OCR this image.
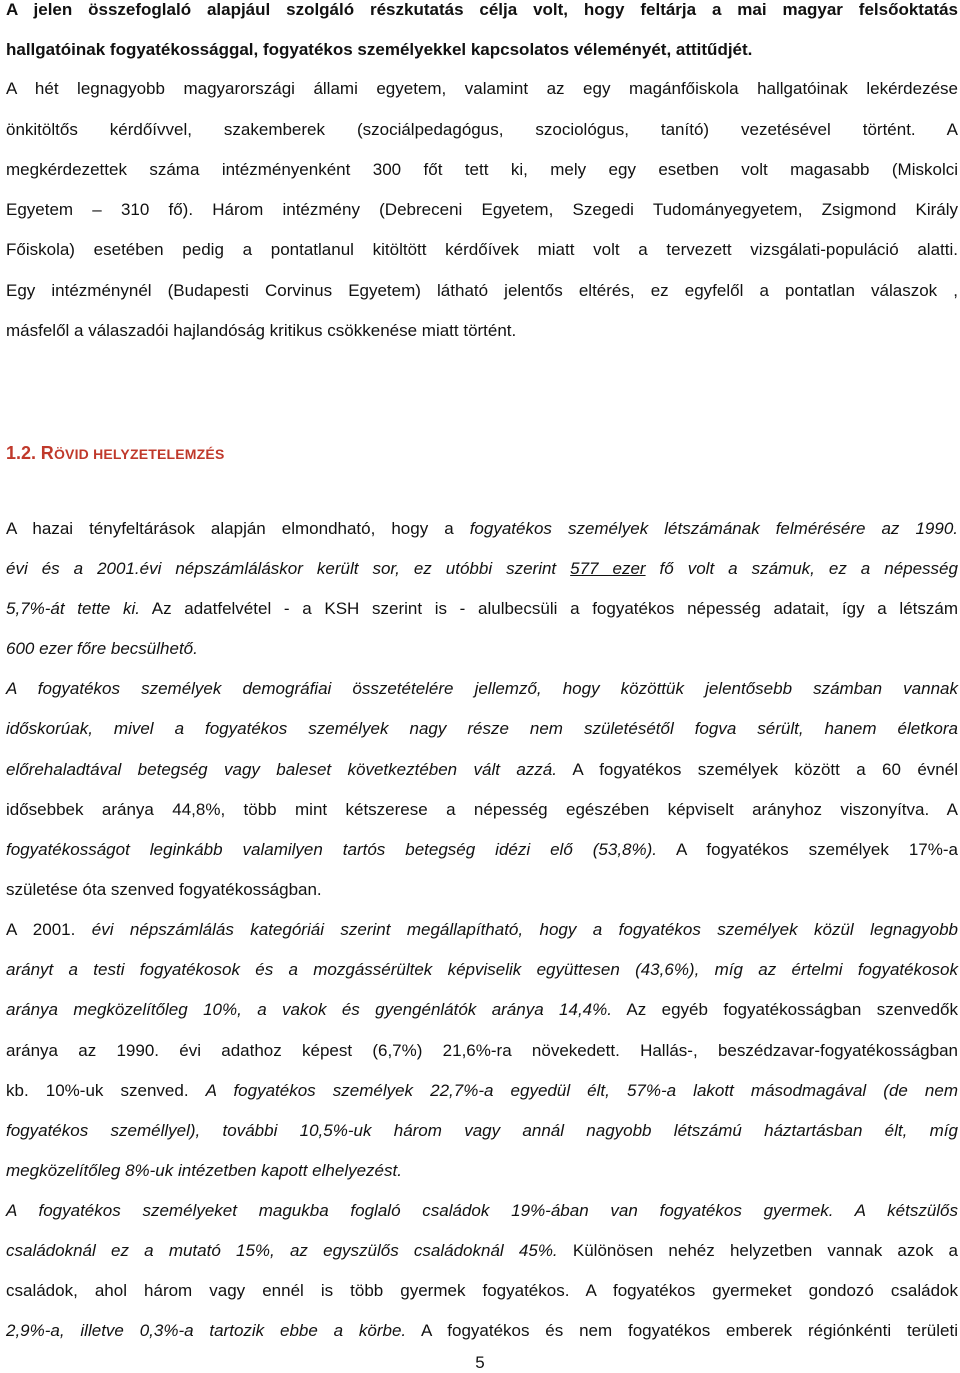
A jelen összefoglaló alapjául szolgáló részkutatás célja volt, hogy feltárja a mai magyar felsőoktatás
hallgatóinak fogyatékossággal, fogyatékos személyekkel kapcsolatos véleményét, attitűdjét.
A hét legnagyobb magyarországi állami egyetem, valamint az egy magánfőiskola hallgatóinak lekérdezése
önkitöltős kérdőívvel, szakemberek (szociálpedagógus, szociológus, tanító) vezetésével történt. A
megkérdezettek száma intézményenként 300 főt tett ki, mely egy esetben volt magasabb (Miskolci
Egyetem – 310 fő). Három intézmény (Debreceni Egyetem, Szegedi Tudományegyetem, Zsigmond Király
Főiskola) esetében pedig a pontatlanul kitöltött kérdőívek miatt volt a tervezett vizsgálati-populáció alatti.
Egy intézménynél (Budapesti Corvinus Egyetem) látható jelentős eltérés, ez egyfelől a pontatlan válaszok ,
másfelől a válaszadói hajlandóság kritikus csökkenése miatt történt.
1.2. RÖVID HELYZETELEMZÉS
A hazai tényfeltárások alapján elmondható, hogy a fogyatékos személyek létszámának felmérésére az 1990.
évi és a 2001.évi népszámláláskor került sor, ez utóbbi szerint 577 ezer fő volt a számuk, ez a népesség
5,7%-át tette ki. Az adatfelvétel - a KSH szerint is - alulbecsüli a fogyatékos népesség adatait, így a létszám
600 ezer főre becsülhető.
A fogyatékos személyek demográfiai összetételére jellemző, hogy közöttük jelentősebb számban vannak
időskorúak, mivel a fogyatékos személyek nagy része nem születésétől fogva sérült, hanem életkora
előrehaladtával betegség vagy baleset következtében vált azzá. A fogyatékos személyek között a 60 évnél
idősebbek aránya 44,8%, több mint kétszerese a népesség egészében képviselt arányhoz viszonyítva. A
fogyatékosságot leginkább valamilyen tartós betegség idézi elő (53,8%). A fogyatékos személyek 17%-a
születése óta szenved fogyatékosságban.
A 2001. évi népszámlálás kategóriái szerint megállapítható, hogy a fogyatékos személyek közül legnagyobb
arányt a testi fogyatékosok és a mozgássérültek képviselik együttesen (43,6%), míg az értelmi fogyatékosok
aránya megközelítőleg 10%, a vakok és gyengénlátók aránya 14,4%. Az egyéb fogyatékosságban szenvedők
aránya az 1990. évi adathoz képest (6,7%) 21,6%-ra növekedett. Hallás-, beszédzavar-fogyatékosságban
kb. 10%-uk szenved. A fogyatékos személyek 22,7%-a egyedül élt, 57%-a lakott másodmagával (de nem
fogyatékos személlyel), további 10,5%-uk három vagy annál nagyobb létszámú háztartásban élt, míg
megközelítőleg 8%-uk intézetben kapott elhelyezést.
A fogyatékos személyeket magukba foglaló családok 19%-ában van fogyatékos gyermek. A kétszülős
családoknál ez a mutató 15%, az egyszülős családoknál 45%. Különösen nehéz helyzetben vannak azok a
családok, ahol három vagy ennél is több gyermek fogyatékos. A fogyatékos gyermeket gondozó családok
2,9%-a, illetve 0,3%-a tartozik ebbe a körbe. A fogyatékos és nem fogyatékos emberek régiónkénti területi
5
